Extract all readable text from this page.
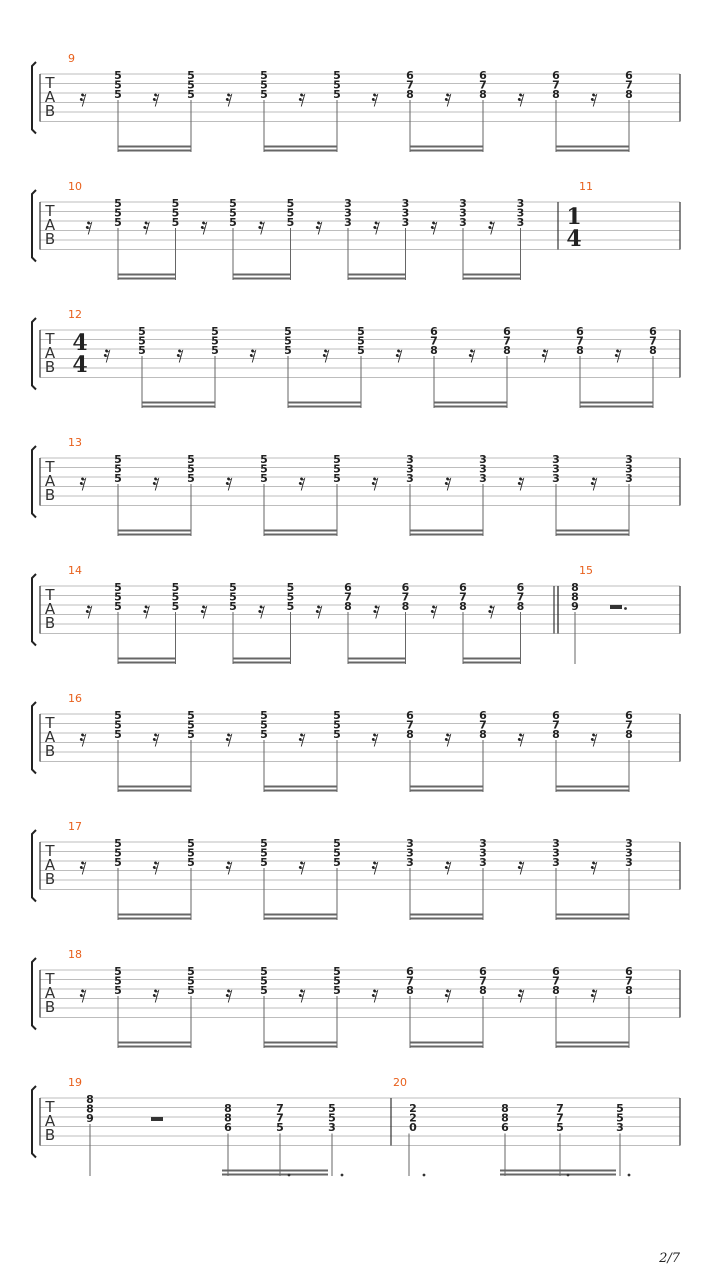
T
A
B
9
𝄿
5
5
5 𝄿
5
5
5 𝄿
5
5
5 𝄿
5
5
5 𝄿
6
7
8 𝄿
6
7
8 𝄿
6
7
8 𝄿
6
7
8
T
A
B
10
𝄿
5
5
5 𝄿
5
5
5 𝄿
5
5
5 𝄿
5
5
5 𝄿
3
3
3 𝄿
3
3
3 𝄿
3
3
3 𝄿
3
3
3
11
1
4
T
A
B
12
4
4 𝄿
5
5
5 𝄿
5
5
5 𝄿
5
5
5 𝄿
5
5
5 𝄿
6
7
8 𝄿
6
7
8 𝄿
6
7
8 𝄿
6
7
8
T
A
B
13
𝄿
5
5
5 𝄿
5
5
5 𝄿
5
5
5 𝄿
5
5
5 𝄿
3
3
3 𝄿
3
3
3 𝄿
3
3
3 𝄿
3
3
3
T
A
B
14
𝄿
5
5
5 𝄿
5
5
5 𝄿
5
5
5 𝄿
5
5
5 𝄿
6
7
8 𝄿
6
7
8 𝄿
6
7
8 𝄿
6
7
8
15
8
8
9
T
A
B
16
𝄿
5
5
5 𝄿
5
5
5 𝄿
5
5
5 𝄿
5
5
5 𝄿
6
7
8 𝄿
6
7
8 𝄿
6
7
8 𝄿
6
7
8
T
A
B
17
𝄿
5
5
5 𝄿
5
5
5 𝄿
5
5
5 𝄿
5
5
5 𝄿
3
3
3 𝄿
3
3
3 𝄿
3
3
3 𝄿
3
3
3
T
A
B
18
𝄿
5
5
5 𝄿
5
5
5 𝄿
5
5
5 𝄿
5
5
5 𝄿
6
7
8 𝄿
6
7
8 𝄿
6
7
8 𝄿
6
7
8
T
A
B
19	20
8
8
9
8
8
6
7
7
5
5
5
3
2
2
0
8
8
6
7
7
5
5
5
3
2/7
